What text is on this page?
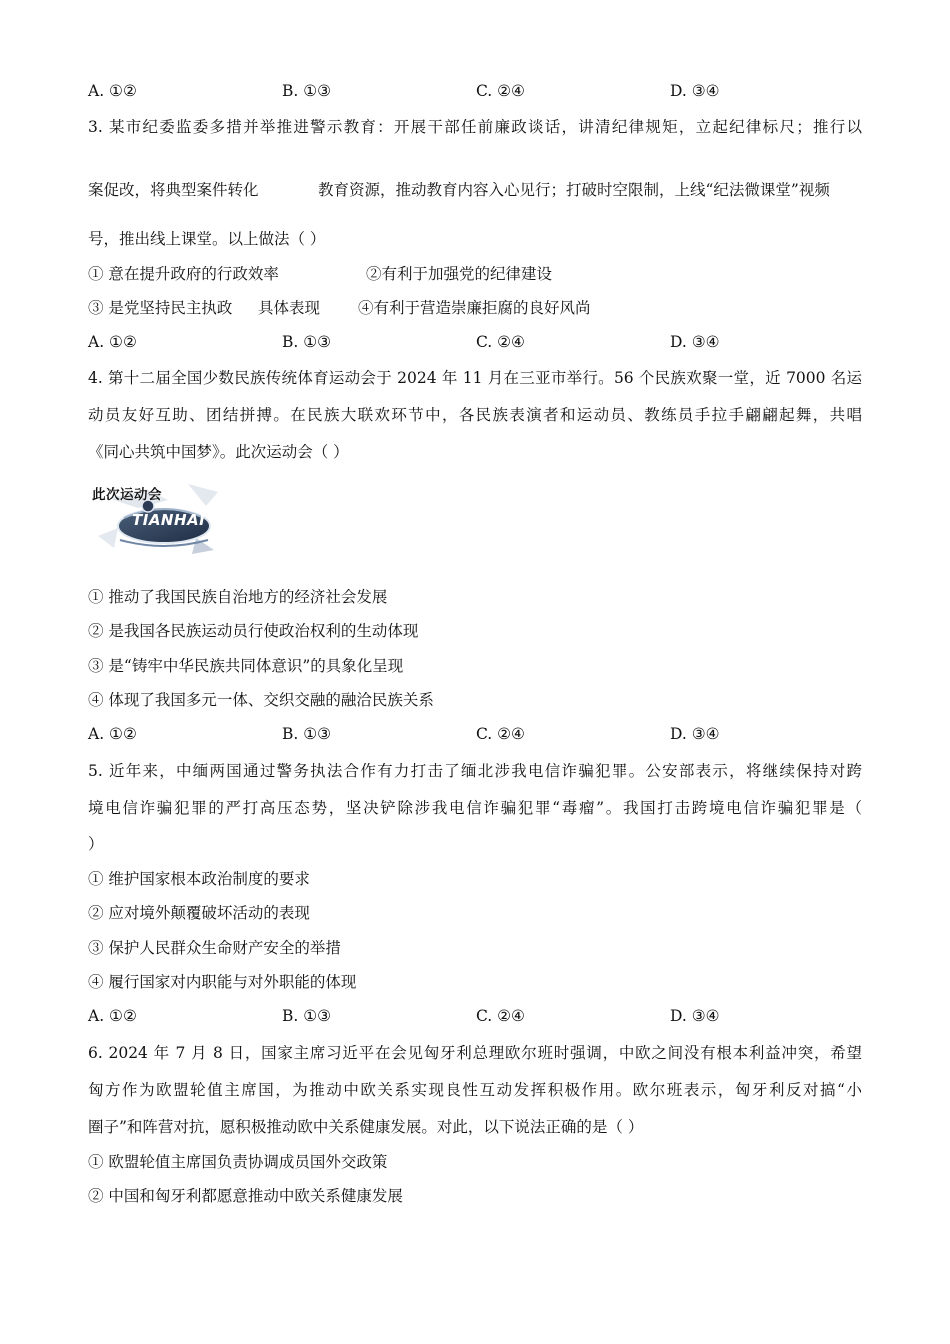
A. ①②	B. ①③	C. ②④	D. ③④
3. 某市纪委监委多措并举推进警示教育：开展干部任前廉政谈话，讲清纪律规矩，立起纪律标尺；推行以
案促改，将典型案件转化	教育资源，推动教育内容入心见行；打破时空限制，上线“纪法微课堂”视频
号，推出线上课堂。以上做法（ ）
① 意在提升政府的行政效率	②有利于加强党的纪律建设
③ 是党坚持民主执政 具体表现 ④有利于营造崇廉拒腐的良好风尚
A. ①②	B. ①③	C. ②④	D. ③④
4. 第十二届全国少数民族传统体育运动会于 2024 年 11 月在三亚市举行。56 个民族欢聚一堂，近 7000 名运
动员友好互助、团结拼搏。在民族大联欢环节中，各民族表演者和运动员、教练员手拉手翩翩起舞，共唱
《同心共筑中国梦》。此次运动会（ ）
此次运动会
TIANHAI
① 推动了我国民族自治地方的经济社会发展
② 是我国各民族运动员行使政治权利的生动体现
③ 是“铸牢中华民族共同体意识”的具象化呈现
④ 体现了我国多元一体、交织交融的融洽民族关系
A. ①②	B. ①③	C. ②④	D. ③④
5. 近年来，中缅两国通过警务执法合作有力打击了缅北涉我电信诈骗犯罪。公安部表示，将继续保持对跨
境电信诈骗犯罪的严打高压态势，坚决铲除涉我电信诈骗犯罪“毒瘤”。我国打击跨境电信诈骗犯罪是（
）
① 维护国家根本政治制度的要求
② 应对境外颠覆破坏活动的表现
③ 保护人民群众生命财产安全的举措
④ 履行国家对内职能与对外职能的体现
A. ①②	B. ①③	C. ②④	D. ③④
6. 2024 年 7 月 8 日，国家主席习近平在会见匈牙利总理欧尔班时强调，中欧之间没有根本利益冲突，希望
匈方作为欧盟轮值主席国，为推动中欧关系实现良性互动发挥积极作用。欧尔班表示，匈牙利反对搞“小
圈子”和阵营对抗，愿积极推动欧中关系健康发展。对此，以下说法正确的是（ ）
① 欧盟轮值主席国负责协调成员国外交政策
② 中国和匈牙利都愿意推动中欧关系健康发展
